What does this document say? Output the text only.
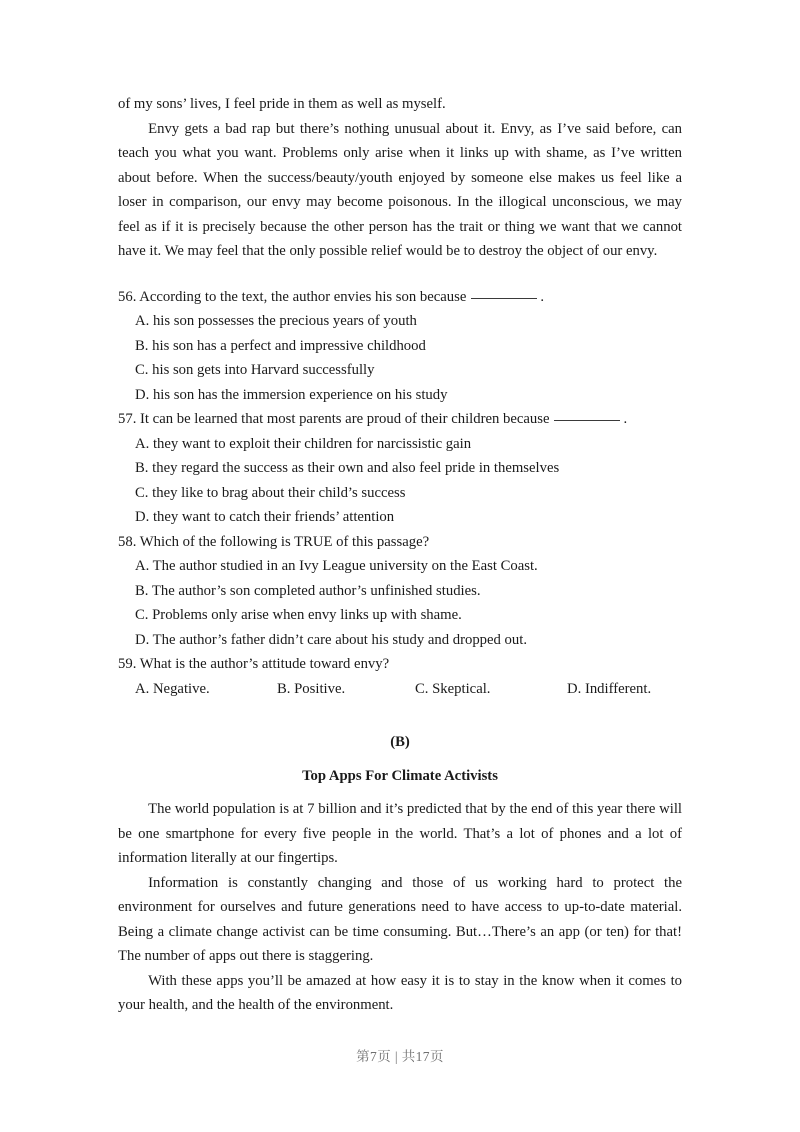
of my sons’ lives, I feel pride in them as well as myself.

Envy gets a bad rap but there’s nothing unusual about it. Envy, as I’ve said before, can teach you what you want. Problems only arise when it links up with shame, as I’ve written about before. When the success/beauty/youth enjoyed by someone else makes us feel like a loser in comparison, our envy may become poisonous. In the illogical unconscious, we may feel as if it is precisely because the other person has the trait or thing we want that we cannot have it. We may feel that the only possible relief would be to destroy the object of our envy.

56. According to the text, the author envies his son because	.

A. his son possesses the precious years of youth

B. his son has a perfect and impressive childhood

C. his son gets into Harvard successfully

D. his son has the immersion experience on his study

57. It can be learned that most parents are proud of their children because	.

A. they want to exploit their children for narcissistic gain

B. they regard the success as their own and also feel pride in themselves

C. they like to brag about their child’s success

D. they want to catch their friends’ attention

58. Which of the following is TRUE of this passage?

A. The author studied in an Ivy League university on the East Coast.

B. The author’s son completed author’s unfinished studies.

C. Problems only arise when envy links up with shame.

D. The author’s father didn’t care about his study and dropped out.

59. What is the author’s attitude toward envy?

A. Negative.	B. Positive.	C. Skeptical.	D. Indifferent.

(B)

Top Apps For Climate Activists

The world population is at 7 billion and it’s predicted that by the end of this year there will be one smartphone for every five people in the world. That’s a lot of phones and a lot of information literally at our fingertips.

Information is constantly changing and those of us working hard to protect the environment for ourselves and future generations need to have access to up-to-date material. Being a climate change activist can be time consuming. But…There’s an app (or ten) for that! The number of apps out there is staggering.

With these apps you’ll be amazed at how easy it is to stay in the know when it comes to your health, and the health of the environment.

第7页 | 共17页
